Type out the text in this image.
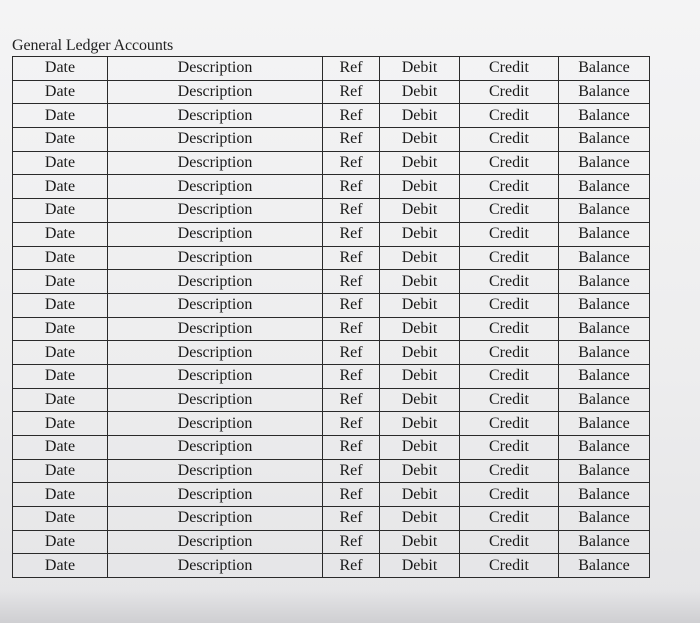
General Ledger Accounts
Date	Description	Ref	Debit	Credit	Balance
Date	Description	Ref	Debit	Credit	Balance
Date	Description	Ref	Debit	Credit	Balance
Date	Description	Ref	Debit	Credit	Balance
Date	Description	Ref	Debit	Credit	Balance
Date	Description	Ref	Debit	Credit	Balance
Date	Description	Ref	Debit	Credit	Balance
Date	Description	Ref	Debit	Credit	Balance
Date	Description	Ref	Debit	Credit	Balance
Date	Description	Ref	Debit	Credit	Balance
Date	Description	Ref	Debit	Credit	Balance
Date	Description	Ref	Debit	Credit	Balance
Date	Description	Ref	Debit	Credit	Balance
Date	Description	Ref	Debit	Credit	Balance
Date	Description	Ref	Debit	Credit	Balance
Date	Description	Ref	Debit	Credit	Balance
Date	Description	Ref	Debit	Credit	Balance
Date	Description	Ref	Debit	Credit	Balance
Date	Description	Ref	Debit	Credit	Balance
Date	Description	Ref	Debit	Credit	Balance
Date	Description	Ref	Debit	Credit	Balance
Date	Description	Ref	Debit	Credit	Balance
